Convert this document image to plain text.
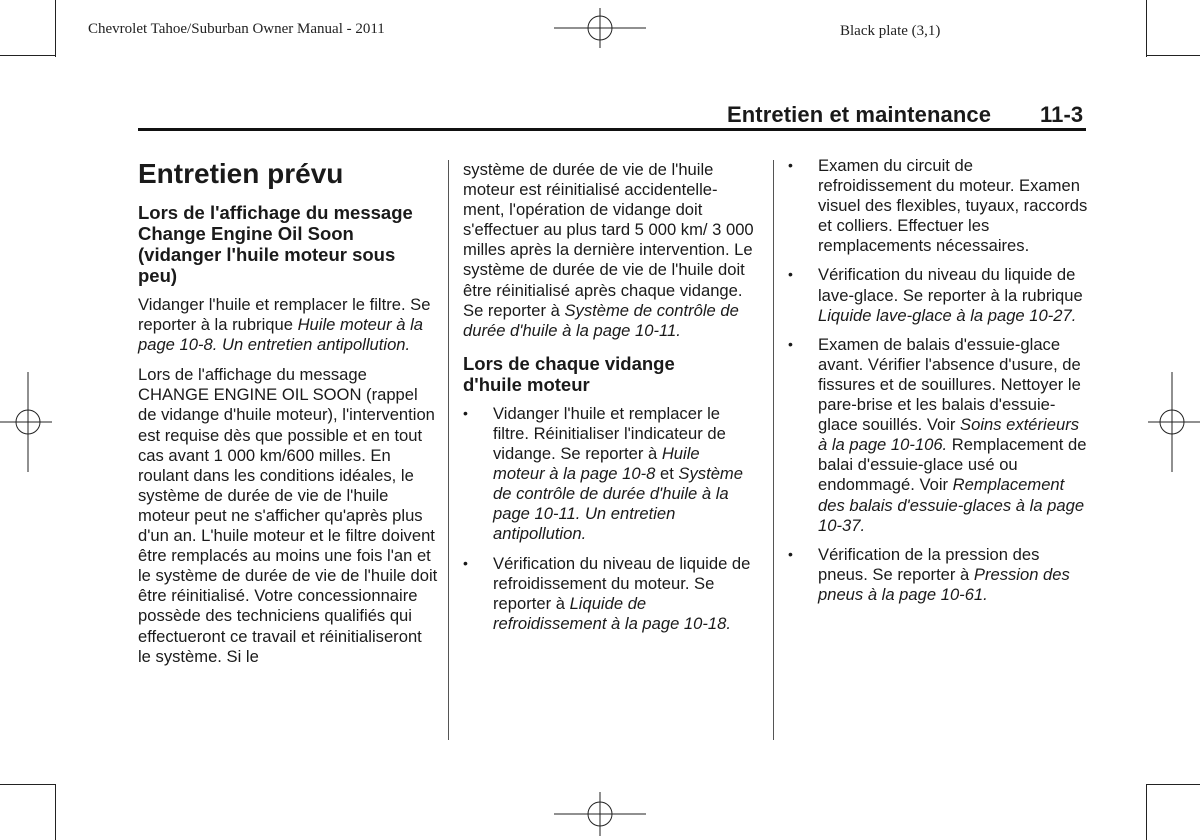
Chevrolet Tahoe/Suburban Owner Manual - 2011	Black plate (3,1)
Entretien et maintenance 11-3
Entretien prévu
Lors de l'affichage du message Change Engine Oil Soon (vidanger l'huile moteur sous peu)

Vidanger l'huile et remplacer le filtre. Se reporter à la rubrique Huile moteur à la page 10-8. Un entretien antipollution.

Lors de l'affichage du message CHANGE ENGINE OIL SOON (rappel de vidange d'huile moteur), l'intervention est requise dès que possible et en tout cas avant 1 000 km/600 milles. En roulant dans les conditions idéales, le système de durée de vie de l'huile moteur peut ne s'afficher qu'après plus d'un an. L'huile moteur et le filtre doivent être remplacés au moins une fois l'an et le système de durée de vie de l'huile doit être réinitialisé. Votre concessionnaire possède des techniciens qualifiés qui effectueront ce travail et réinitialiseront le système. Si le

système de durée de vie de l'huile moteur est réinitialisé accidentelle-ment, l'opération de vidange doit s'effectuer au plus tard 5 000 km/ 3 000 milles après la dernière intervention. Le système de durée de vie de l'huile doit être réinitialisé après chaque vidange. Se reporter à Système de contrôle de durée d'huile à la page 10-11.

Lors de chaque vidange d'huile moteur
• Vidanger l'huile et remplacer le filtre. Réinitialiser l'indicateur de vidange. Se reporter à Huile moteur à la page 10-8 et Système de contrôle de durée d'huile à la page 10-11. Un entretien antipollution.
• Vérification du niveau de liquide de refroidissement du moteur. Se reporter à Liquide de refroidissement à la page 10-18.
• Examen du circuit de refroidissement du moteur. Examen visuel des flexibles, tuyaux, raccords et colliers. Effectuer les remplacements nécessaires.
• Vérification du niveau du liquide de lave-glace. Se reporter à la rubrique Liquide lave-glace à la page 10-27.
• Examen de balais d'essuie-glace avant. Vérifier l'absence d'usure, de fissures et de souillures. Nettoyer le pare-brise et les balais d'essuie-glace souillés. Voir Soins extérieurs à la page 10-106. Remplacement de balai d'essuie-glace usé ou endommagé. Voir Remplacement des balais d'essuie-glaces à la page 10-37.
• Vérification de la pression des pneus. Se reporter à Pression des pneus à la page 10-61.
